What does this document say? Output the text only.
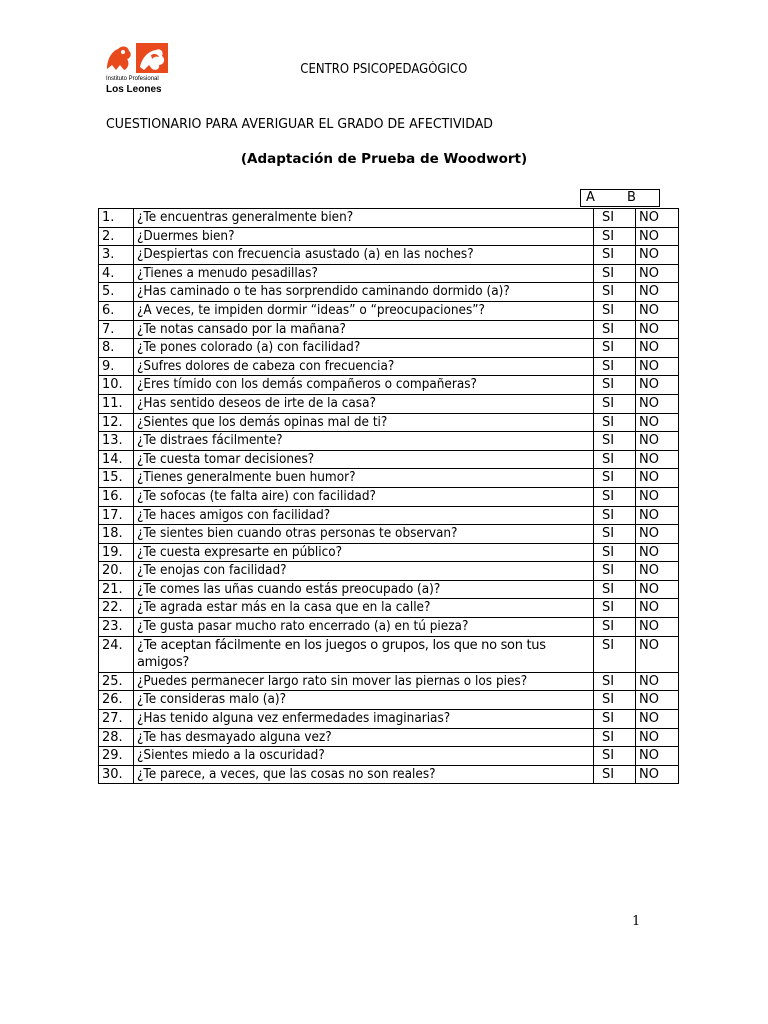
Instituto Profesional
Los Leones
CENTRO PSICOPEDAGÓGICO
CUESTIONARIO PARA AVERIGUAR EL GRADO DE AFECTIVIDAD
(Adaptación de Prueba de Woodwort)
A B
1.	¿Te encuentras generalmente bien?	SI	NO
2.	¿Duermes bien?	SI	NO
3.	¿Despiertas con frecuencia asustado (a) en las noches?	SI	NO
4.	¿Tienes a menudo pesadillas?	SI	NO
5.	¿Has caminado o te has sorprendido caminando dormido (a)?	SI	NO
6.	¿A veces, te impiden dormir “ideas” o “preocupaciones”?	SI	NO
7.	¿Te notas cansado por la mañana?	SI	NO
8.	¿Te pones colorado (a) con facilidad?	SI	NO
9.	¿Sufres dolores de cabeza con frecuencia?	SI	NO
10.	¿Eres tímido con los demás compañeros o compañeras?	SI	NO
11.	¿Has sentido deseos de irte de la casa?	SI	NO
12.	¿Sientes que los demás opinas mal de ti?	SI	NO
13.	¿Te distraes fácilmente?	SI	NO
14.	¿Te cuesta tomar decisiones?	SI	NO
15.	¿Tienes generalmente buen humor?	SI	NO
16.	¿Te sofocas (te falta aire) con facilidad?	SI	NO
17.	¿Te haces amigos con facilidad?	SI	NO
18.	¿Te sientes bien cuando otras personas te observan?	SI	NO
19.	¿Te cuesta expresarte en público?	SI	NO
20.	¿Te enojas con facilidad?	SI	NO
21.	¿Te comes las uñas cuando estás preocupado (a)?	SI	NO
22.	¿Te agrada estar más en la casa que en la calle?	SI	NO
23.	¿Te gusta pasar mucho rato encerrado (a) en tú pieza?	SI	NO
24.	¿Te aceptan fácilmente en los juegos o grupos, los que no son tus amigos?	SI	NO
25.	¿Puedes permanecer largo rato sin mover las piernas o los pies?	SI	NO
26.	¿Te consideras malo (a)?	SI	NO
27.	¿Has tenido alguna vez enfermedades imaginarias?	SI	NO
28.	¿Te has desmayado alguna vez?	SI	NO
29.	¿Sientes miedo a la oscuridad?	SI	NO
30.	¿Te parece, a veces, que las cosas no son reales?	SI	NO
1
